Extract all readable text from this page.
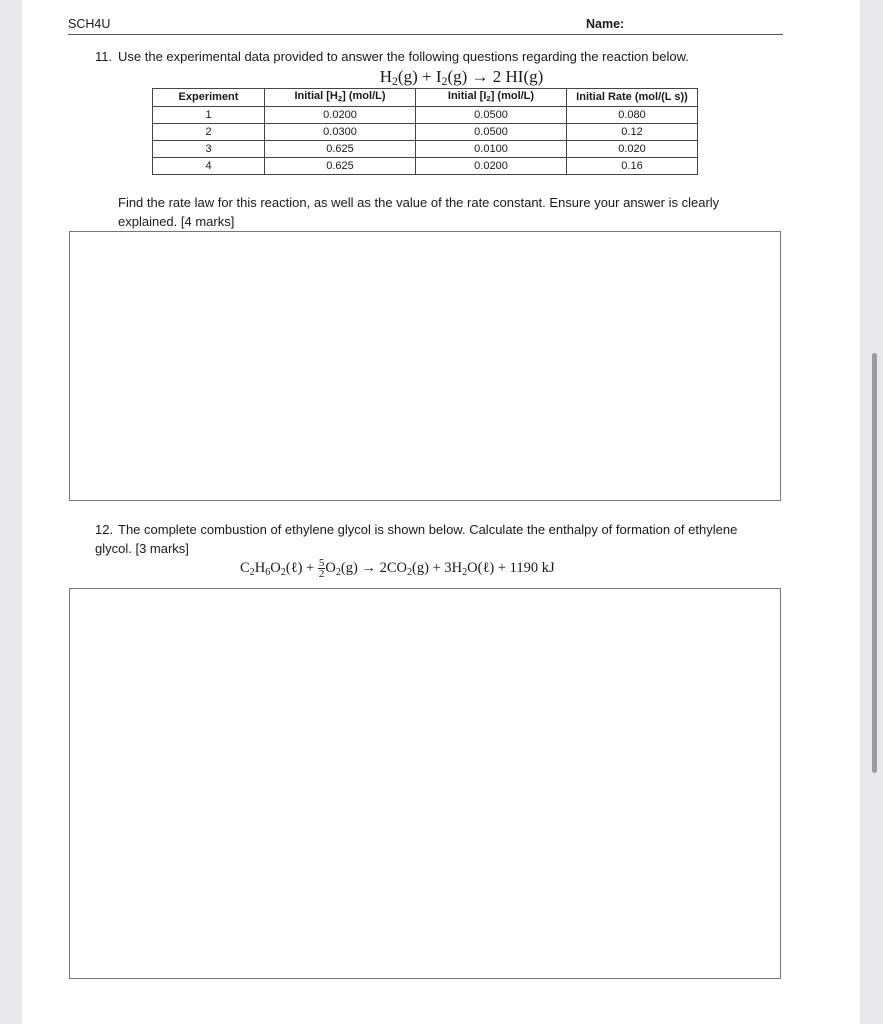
SCH4U	Name:
11. Use the experimental data provided to answer the following questions regarding the reaction below.
$H_2(g) + I_2(g) \to 2$ HI(g)
Experiment	Initial [H2] (mol/L)	Initial [I2] (mol/L)	Initial Rate (mol/(L s))
1	0.0200	0.0500	0.080
2	0.0300	0.0500	0.12
3	0.625	0.0100	0.020
4	0.625	0.0200	0.16
Find the rate law for this reaction, as well as the value of the rate constant. Ensure your answer is clearly explained. [4 marks]
12. The complete combustion of ethylene glycol is shown below. Calculate the enthalpy of formation of ethylene glycol. [3 marks]
$C_2H_6O_2(\ell) + \frac{5}{2} O_2(g) \to 2CO_2(g)$ + $3H_2O(\ell) + 1190$ kJ
